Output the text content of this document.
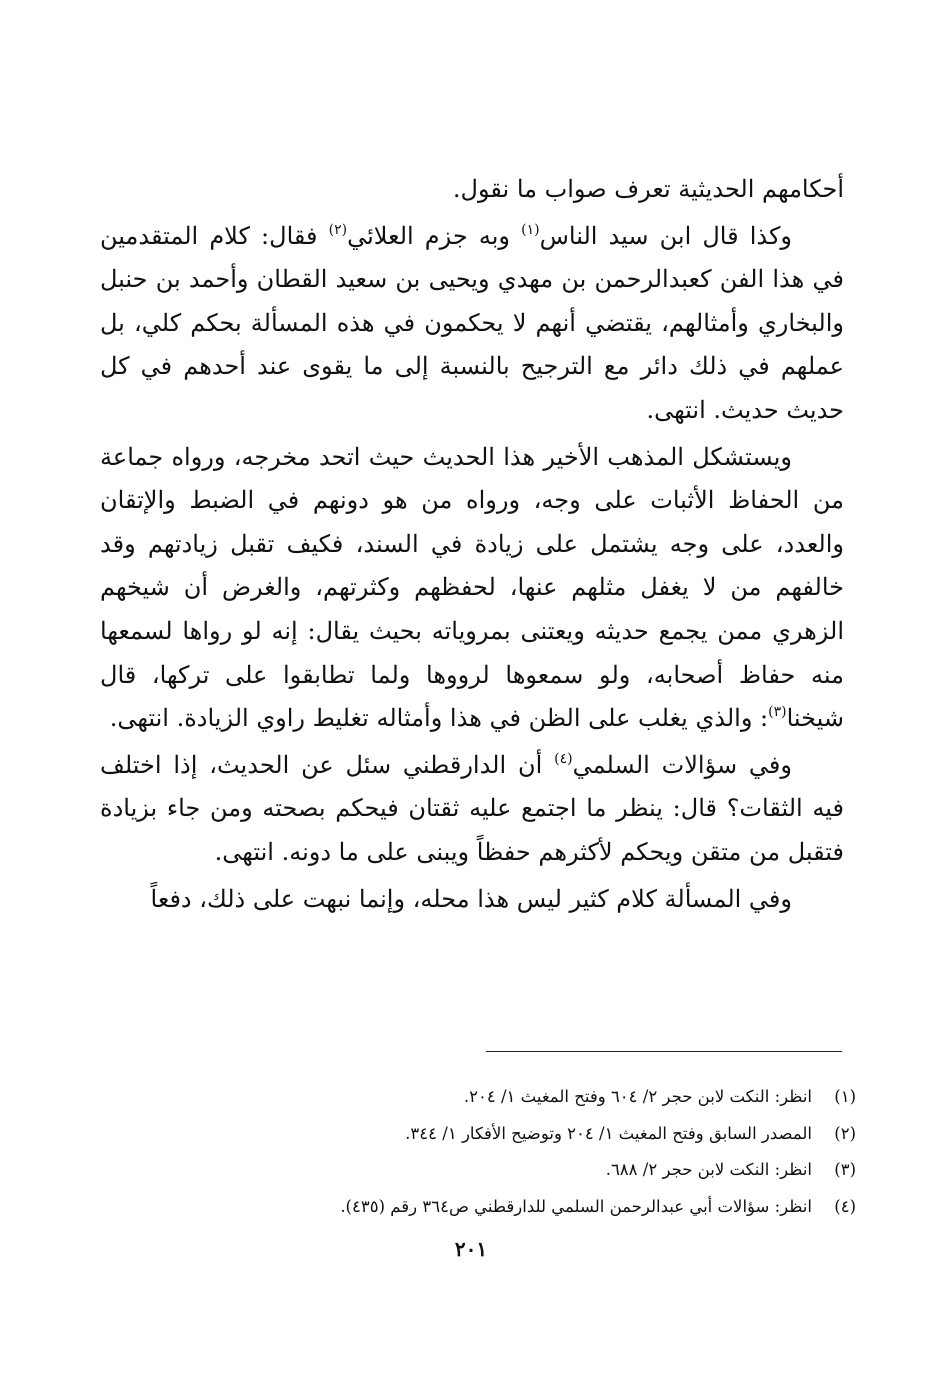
أحكامهم الحديثية تعرف صواب ما نقول.

وكذا قال ابن سيد الناس$^{(١)}$ وبه جزم العلائي$^{(٢)}$ فقال: كلام المتقدمين في هذا الفن كعبدالرحمن بن مهدي ويحيى بن سعيد القطان وأحمد بن حنبل والبخاري وأمثالهم، يقتضي أنهم لا يحكمون في هذه المسألة بحكم كلي، بل عملهم في ذلك دائر مع الترجيح بالنسبة إلى ما يقوى عند أحدهم في كل حديث حديث. انتهى.

ويستشكل المذهب الأخير هذا الحديث حيث اتحد مخرجه، ورواه جماعة من الحفاظ الأثبات على وجه، ورواه من هو دونهم في الضبط والإتقان والعدد، على وجه يشتمل على زيادة في السند، فكيف تقبل زيادتهم وقد خالفهم من لا يغفل مثلهم عنها، لحفظهم وكثرتهم، والغرض أن شيخهم الزهري ممن يجمع حديثه ويعتنى بمروياته بحيث يقال: إنه لو رواها لسمعها منه حفاظ أصحابه، ولو سمعوها لرووها ولما تطابقوا على تركها، قال شيخنا$^{(٣)}$: والذي يغلب على الظن في هذا وأمثاله تغليط راوي الزيادة. انتهى.

وفي سؤالات السلمي$^{(٤)}$ أن الدارقطني سئل عن الحديث، إذا اختلف فيه الثقات؟ قال: ينظر ما اجتمع عليه ثقتان فيحكم بصحته ومن جاء بزيادة فتقبل من متقن ويحكم لأكثرهم حفظاً ويبنى على ما دونه. انتهى.

وفي المسألة كلام كثير ليس هذا محله، وإنما نبهت على ذلك، دفعاً

(١)انظر: النكت لابن حجر ٢/ ٦٠٤ وفتح المغيث ١/ ٢٠٤.

(٢)المصدر السابق وفتح المغيث ١/ ٢٠٤ وتوضيح الأفكار ١/ ٣٤٤.

(٣)انظر: النكت لابن حجر ٢/ ٦٨٨.

(٤)انظر: سؤالات أبي عبدالرحمن السلمي للدارقطني ص٣٦٤ رقم (٤٣٥).

٢٠١
